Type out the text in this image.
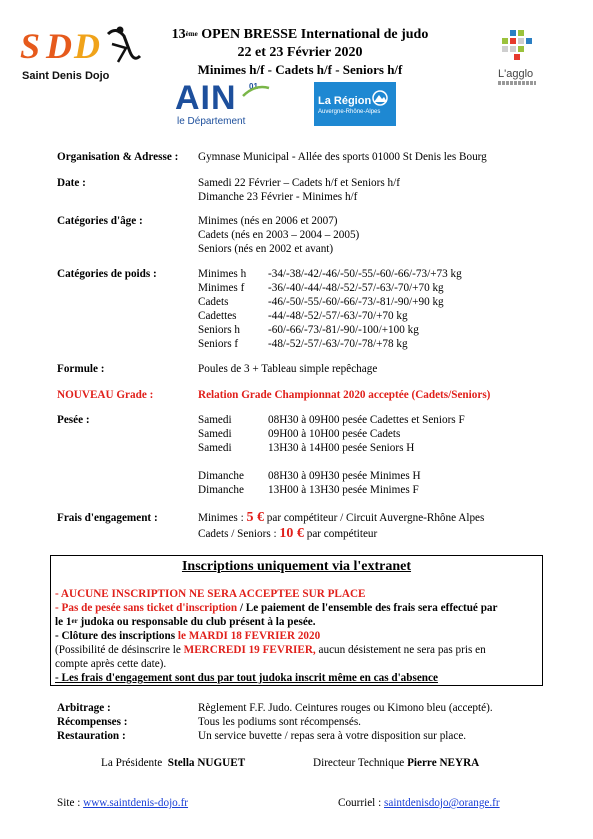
S D D
Saint Denis Dojo	L'agglo
13ème OPEN BRESSE International de judo
22 et 23 Février 2020
Minimes h/f - Cadets h/f - Seniors h/f
AIN 01
le Département
La Région
Auvergne-Rhône-Alpes
Organisation & Adresse : Gymnase Municipal - Allée des sports 01000 St Denis les Bourg
Date :	Samedi 22 Février – Cadets h/f et Seniors h/f
Dimanche 23 Février - Minimes h/f
Catégories d'âge :	Minimes (nés en 2006 et 2007)
Cadets (nés en 2003 – 2004 – 2005)
Seniors (nés en 2002 et avant)
Catégories de poids :	Minimes h -34/-38/-42/-46/-50/-55/-60/-66/-73/+73 kg
Minimes f -36/-40/-44/-48/-52/-57/-63/-70/+70 kg
Cadets	-46/-50/-55/-60/-66/-73/-81/-90/+90 kg
Cadettes	-44/-48/-52/-57/-63/-70/+70 kg
Seniors h	-60/-66/-73/-81/-90/-100/+100 kg
Seniors f	-48/-52/-57/-63/-70/-78/+78 kg
Formule :	Poules de 3 + Tableau simple repêchage
NOUVEAU Grade :	Relation Grade Championnat 2020 acceptée (Cadets/Seniors)
Pesée :	Samedi	08H30 à 09H00 pesée Cadettes et Seniors F
Samedi	09H00 à 10H00 pesée Cadets
Samedi	13H30 à 14H00 pesée Seniors H
Dimanche 08H30 à 09H30 pesée Minimes H
Dimanche 13H00 à 13H30 pesée Minimes F
Frais d'engagement :	Minimes : 5 € par compétiteur / Circuit Auvergne-Rhône Alpes
Cadets / Seniors : 10 € par compétiteur
Inscriptions uniquement via l'extranet
- AUCUNE INSCRIPTION NE SERA ACCEPTEE SUR PLACE
- Pas de pesée sans ticket d'inscription / Le paiement de l'ensemble des frais sera effectué par
le 1er judoka ou responsable du club présent à la pesée.
- Clôture des inscriptions le MARDI 18 FEVRIER 2020
(Possibilité de désinscrire le MERCREDI 19 FEVRIER, aucun désistement ne sera pas pris en
compte après cette date).
- Les frais d'engagement sont dus par tout judoka inscrit même en cas d'absence
Arbitrage :	Règlement F.F. Judo. Ceintures rouges ou Kimono bleu (accepté).
Récompenses :	Tous les podiums sont récompensés.
Restauration :	Un service buvette / repas sera à votre disposition sur place.
La Présidente Stella NUGUET	Directeur Technique Pierre NEYRA
Site : www.saintdenis-dojo.fr	Courriel : saintdenisdojo@orange.fr
